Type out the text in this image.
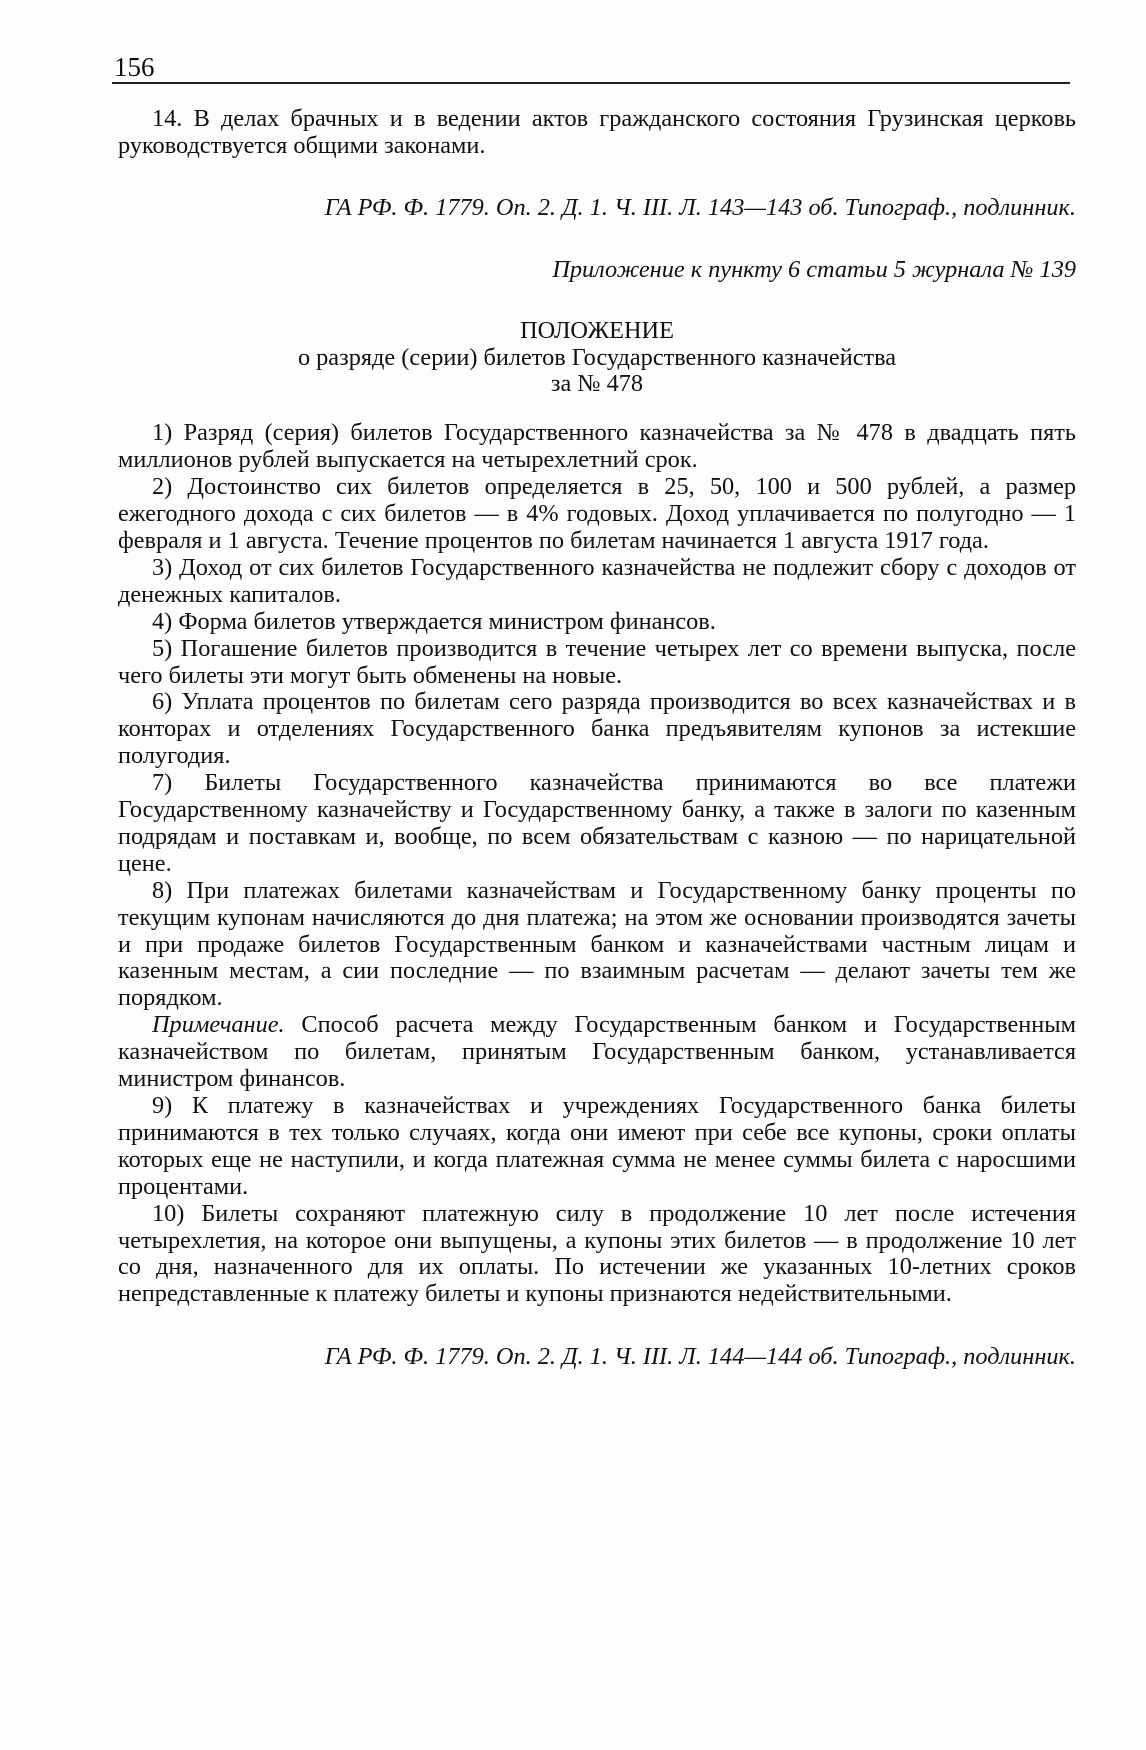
156

14. В делах брачных и в ведении актов гражданского состояния Грузинская церковь руководствуется общими законами.

ГА РФ. Ф. 1779. Оп. 2. Д. 1. Ч. III. Л. 143—143 об. Типограф., подлинник.

Приложение к пункту 6 статьи 5 журнала № 139

ПОЛОЖЕНИЕ

о разряде (серии) билетов Государственного казначейства

за № 478

1) Разряд (серия) билетов Государственного казначейства за № 478 в двадцать пять миллионов рублей выпускается на четырехлетний срок.

2) Достоинство сих билетов определяется в 25, 50, 100 и 500 рублей, а размер ежегодного дохода с сих билетов — в 4% годовых. Доход уплачивается по полугодно — 1 февраля и 1 августа. Течение процентов по билетам начинается 1 августа 1917 года.

3) Доход от сих билетов Государственного казначейства не подлежит сбору с доходов от денежных капиталов.

4) Форма билетов утверждается министром финансов.

5) Погашение билетов производится в течение четырех лет со времени выпуска, после чего билеты эти могут быть обменены на новые.

6) Уплата процентов по билетам сего разряда производится во всех казначействах и в конторах и отделениях Государственного банка предъявителям купонов за истекшие полугодия.

7) Билеты Государственного казначейства принимаются во все платежи Государственному казначейству и Государственному банку, а также в залоги по казенным подрядам и поставкам и, вообще, по всем обязательствам с казною — по нарицательной цене.

8) При платежах билетами казначействам и Государственному банку проценты по текущим купонам начисляются до дня платежа; на этом же основании производятся зачеты и при продаже билетов Государственным банком и казначействами частным лицам и казенным местам, а сии последние — по взаимным расчетам — делают зачеты тем же порядком.

Примечание. Способ расчета между Государственным банком и Государственным казначейством по билетам, принятым Государственным банком, устанавливается министром финансов.

9) К платежу в казначействах и учреждениях Государственного банка билеты принимаются в тех только случаях, когда они имеют при себе все купоны, сроки оплаты которых еще не наступили, и когда платежная сумма не менее суммы билета с наросшими процентами.

10) Билеты сохраняют платежную силу в продолжение 10 лет после истечения четырехлетия, на которое они выпущены, а купоны этих билетов — в продолжение 10 лет со дня, назначенного для их оплаты. По истечении же указанных 10-летних сроков непредставленные к платежу билеты и купоны признаются недействительными.

ГА РФ. Ф. 1779. Оп. 2. Д. 1. Ч. III. Л. 144—144 об. Типограф., подлинник.
